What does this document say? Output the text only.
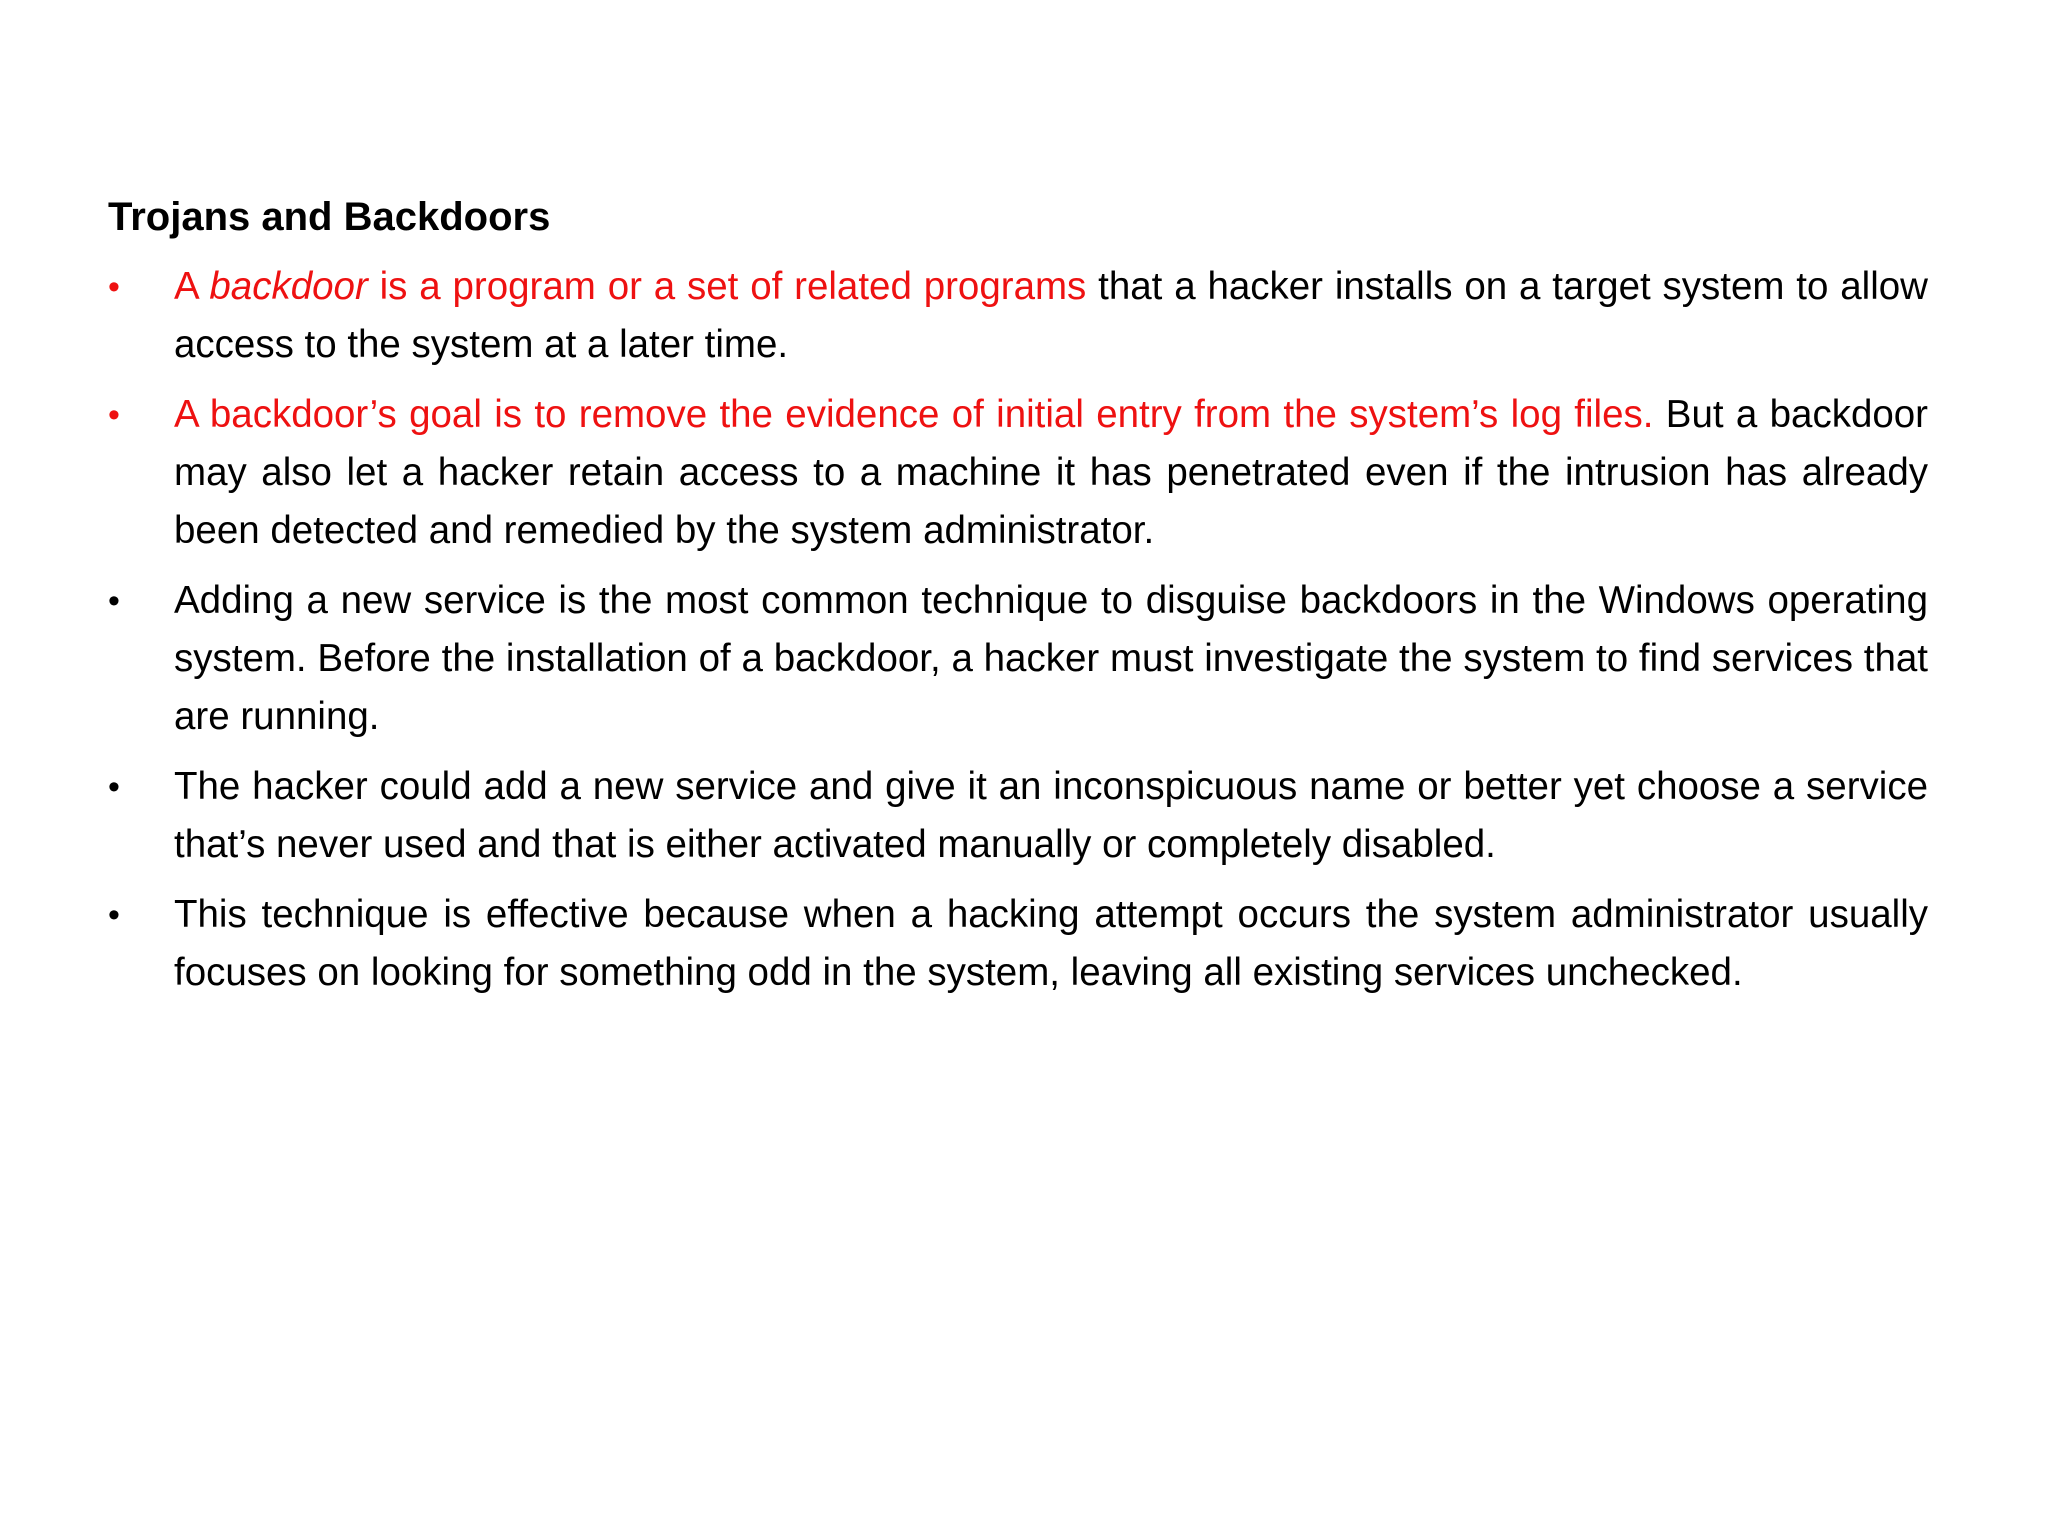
Trojans and Backdoors
• A backdoor is a program or a set of related programs that a hacker installs on a target system to allow access to the system at a later time.
• A backdoor’s goal is to remove the evidence of initial entry from the system’s log files. But a backdoor may also let a hacker retain access to a machine it has penetrated even if the intrusion has already been detected and remedied by the system administrator.
• Adding a new service is the most common technique to disguise backdoors in the Windows operating system. Before the installation of a backdoor, a hacker must investigate the system to find services that are running.
• The hacker could add a new service and give it an inconspicuous name or better yet choose a service that’s never used and that is either activated manually or completely disabled.
• This technique is effective because when a hacking attempt occurs the system administrator usually focuses on looking for something odd in the system, leaving all existing services unchecked.
